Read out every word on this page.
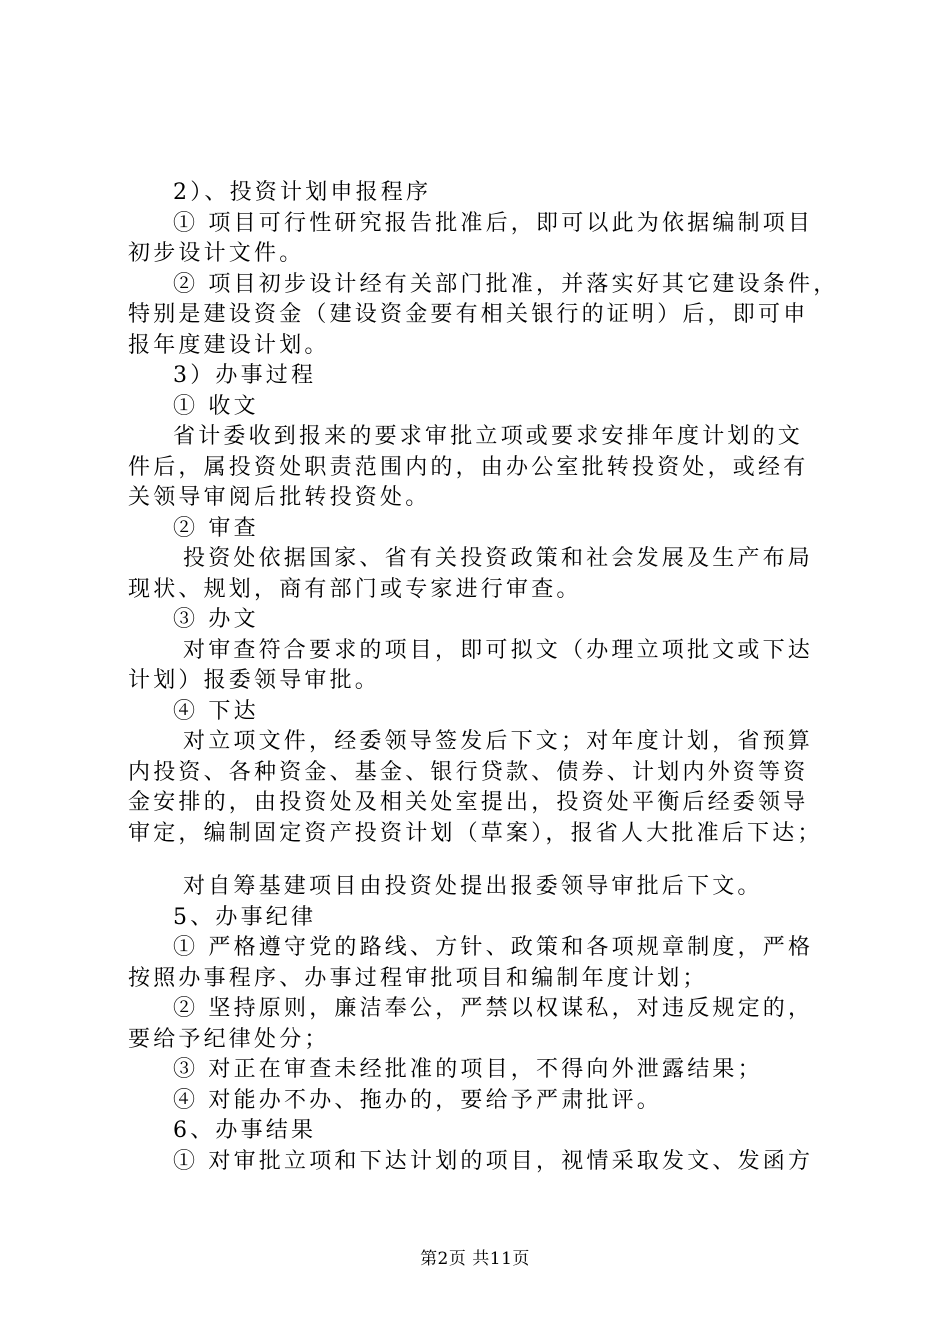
2）、投资计划申报程序
① 项目可行性研究报告批准后，即可以此为依据编制项目
初步设计文件。
② 项目初步设计经有关部门批准，并落实好其它建设条件，
特别是建设资金（建设资金要有相关银行的证明）后，即可申
报年度建设计划。
3）办事过程
① 收文
省计委收到报来的要求审批立项或要求安排年度计划的文
件后，属投资处职责范围内的，由办公室批转投资处，或经有
关领导审阅后批转投资处。
② 审查
投资处依据国家、省有关投资政策和社会发展及生产布局
现状、规划，商有部门或专家进行审查。
③ 办文
对审查符合要求的项目，即可拟文（办理立项批文或下达
计划）报委领导审批。
④ 下达
对立项文件，经委领导签发后下文；对年度计划，省预算
内投资、各种资金、基金、银行贷款、债券、计划内外资等资
金安排的，由投资处及相关处室提出，投资处平衡后经委领导
审定，编制固定资产投资计划（草案），报省人大批准后下达；
对自筹基建项目由投资处提出报委领导审批后下文。
5、办事纪律
① 严格遵守党的路线、方针、政策和各项规章制度，严格
按照办事程序、办事过程审批项目和编制年度计划；
② 坚持原则，廉洁奉公，严禁以权谋私，对违反规定的，
要给予纪律处分；
③ 对正在审查未经批准的项目，不得向外泄露结果；
④ 对能办不办、拖办的，要给予严肃批评。
6、办事结果
① 对审批立项和下达计划的项目，视情采取发文、发函方
第2页 共11页
